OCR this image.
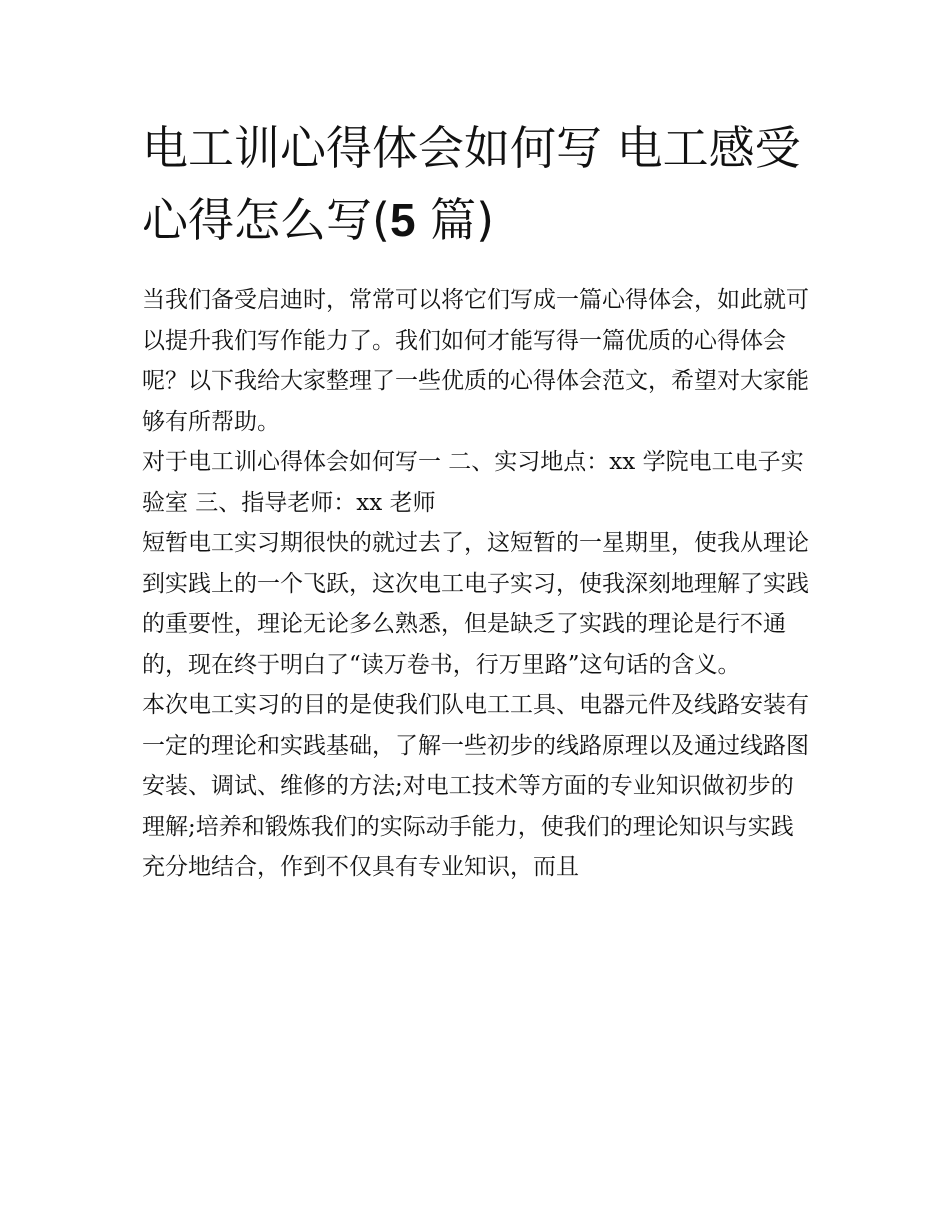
电工训心得体会如何写 电工感受心得怎么写(5 篇)

当我们备受启迪时，常常可以将它们写成一篇心得体会，如此就可以提升我们写作能力了。我们如何才能写得一篇优质的心得体会呢？以下我给大家整理了一些优质的心得体会范文，希望对大家能够有所帮助。

对于电工训心得体会如何写一 二、实习地点：xx 学院电工电子实验室 三、指导老师：xx 老师

短暂电工实习期很快的就过去了，这短暂的一星期里，使我从理论到实践上的一个飞跃，这次电工电子实习，使我深刻地理解了实践的重要性，理论无论多么熟悉，但是缺乏了实践的理论是行不通的，现在终于明白了“读万卷书，行万里路”这句话的含义。

本次电工实习的目的是使我们队电工工具、电器元件及线路安装有一定的理论和实践基础，了解一些初步的线路原理以及通过线路图安装、调试、维修的方法;对电工技术等方面的专业知识做初步的理解;培养和锻炼我们的实际动手能力，使我们的理论知识与实践充分地结合，作到不仅具有专业知识，而且
